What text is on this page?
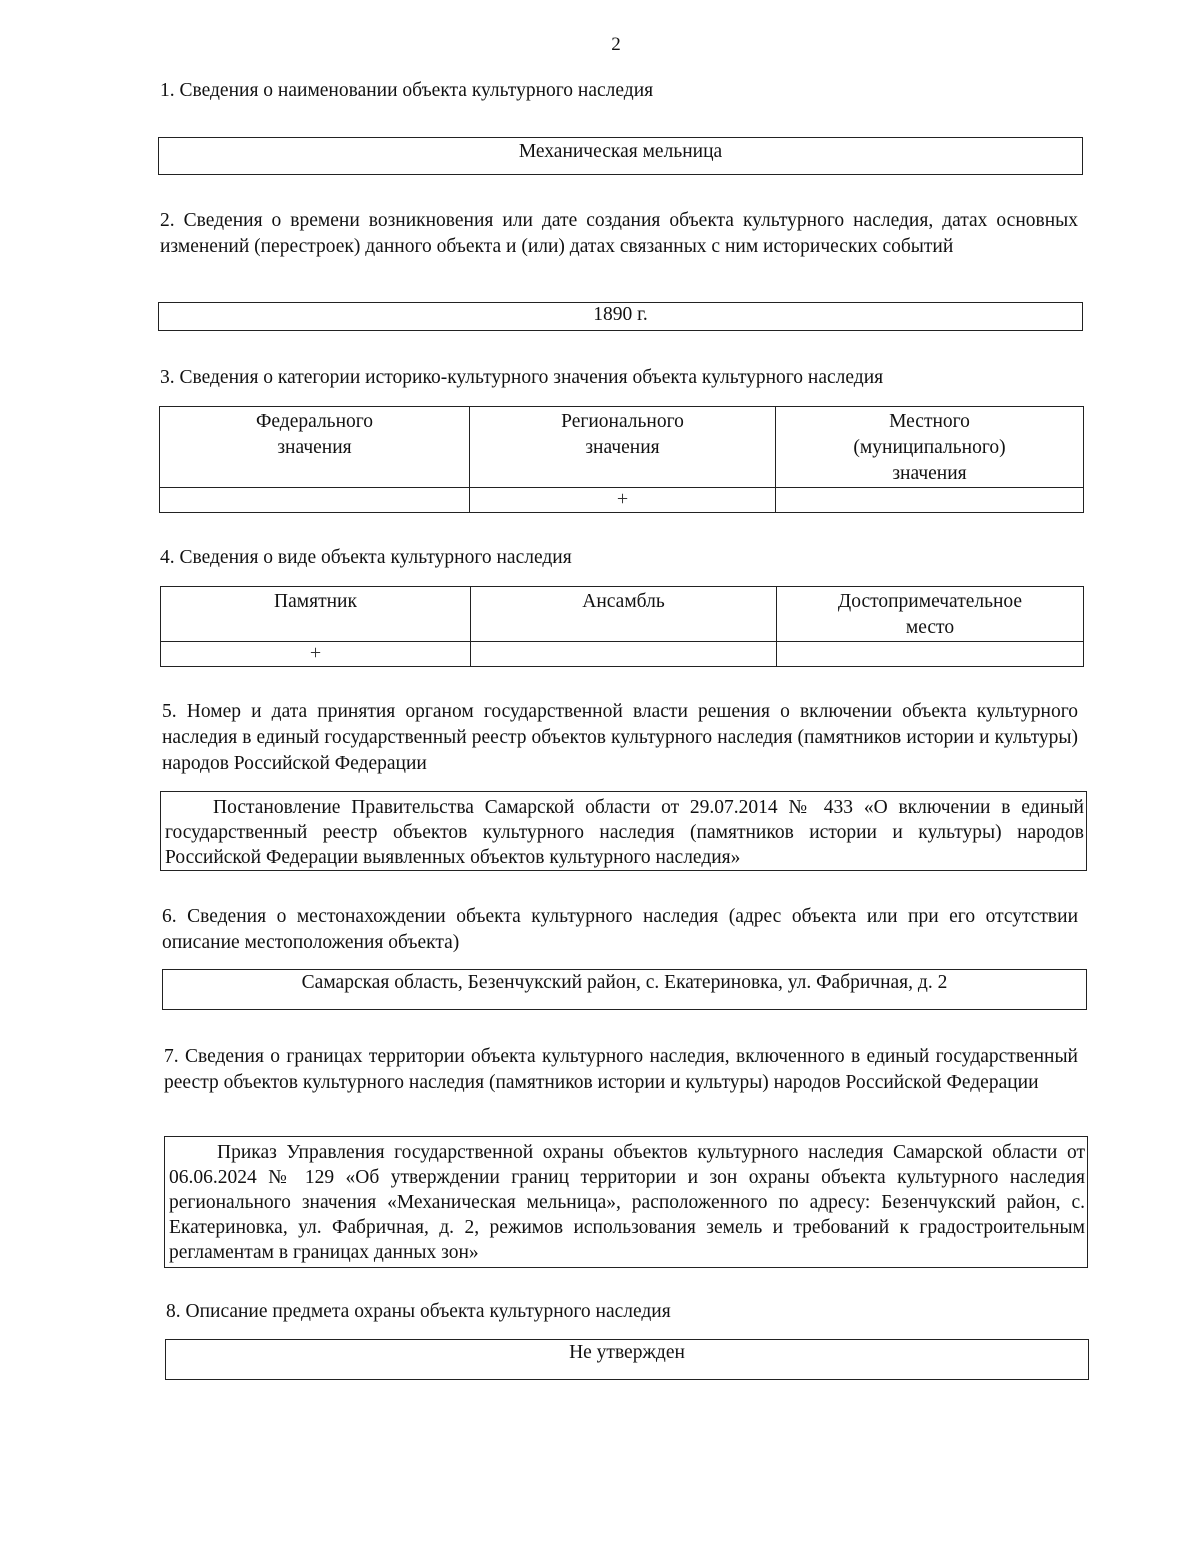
2
1. Сведения о наименовании объекта культурного наследия
Механическая мельница
2. Сведения о времени возникновения или дате создания объекта культурного наследия, датах основных изменений (перестроек) данного объекта и (или) датах связанных с ним исторических событий
1890 г.
3. Сведения о категории историко-культурного значения объекта культурного наследия
Федерального значения	Регионального значения	Местного (муниципального) значения
	+	
4. Сведения о виде объекта культурного наследия
Памятник	Ансамбль	Достопримечательное место
+		
5. Номер и дата принятия органом государственной власти решения о включении объекта культурного наследия в единый государственный реестр объектов культурного наследия (памятников истории и культуры) народов Российской Федерации
Постановление Правительства Самарской области от 29.07.2014 № 433 «О включении в единый государственный реестр объектов культурного наследия (памятников истории и культуры) народов Российской Федерации выявленных объектов культурного наследия»
6. Сведения о местонахождении объекта культурного наследия (адрес объекта или при его отсутствии описание местоположения объекта)
Самарская область, Безенчукский район, с. Екатериновка, ул. Фабричная, д. 2
7. Сведения о границах территории объекта культурного наследия, включенного в единый государственный реестр объектов культурного наследия (памятников истории и культуры) народов Российской Федерации
Приказ Управления государственной охраны объектов культурного наследия Самарской области от 06.06.2024 № 129 «Об утверждении границ территории и зон охраны объекта культурного наследия регионального значения «Механическая мельница», расположенного по адресу: Безенчукский район, с. Екатериновка, ул. Фабричная, д. 2, режимов использования земель и требований к градостроительным регламентам в границах данных зон»
8. Описание предмета охраны объекта культурного наследия
Не утвержден
